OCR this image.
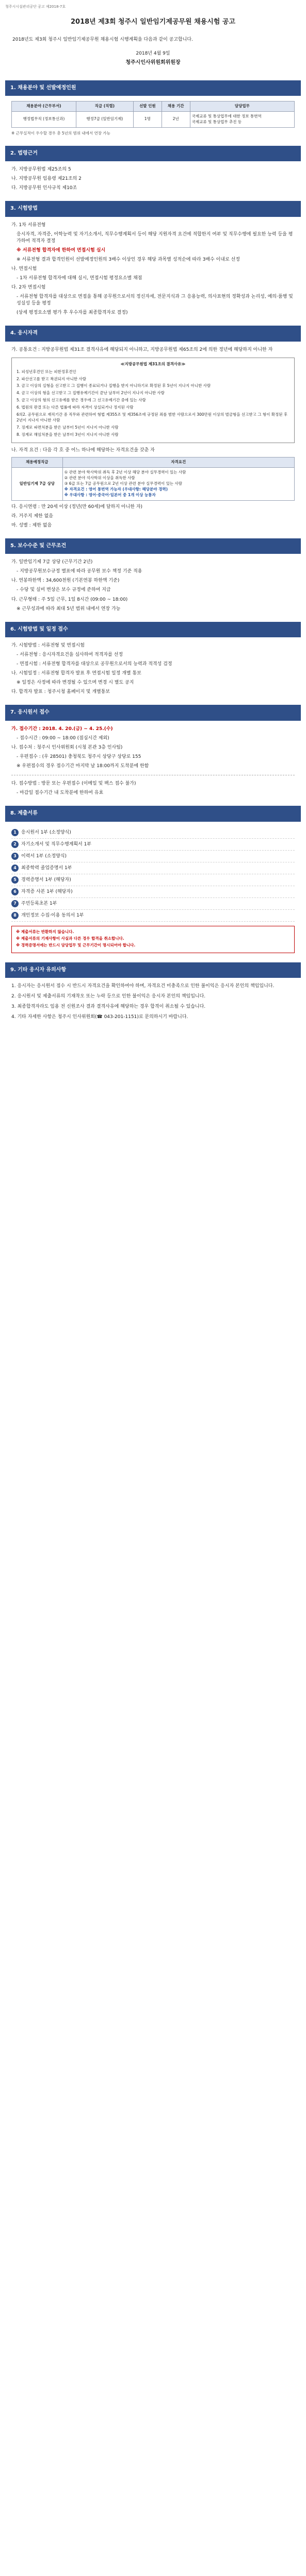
청주시시설관리공단 공고 제2018-7호
2018년 제3회 청주시 일반임기제공무원 채용시험 공고
2018년도 제3회 청주시 일반임기제공무원 채용시험 시행계획을 다음과 같이 공고합니다.
2018년 4월 9일
청주시인사위원회위원장
1. 채용분야 및 선발예정인원
채용분야 (근무부서)	직급 (직렬)	선발 인원	채용 기간	담당업무
행정법무직 (정보통신과)	행정7급 (일반임기제)	1명	2년	국제교류 및 통상업무에 대한 정보 통번역
국제교류 및 통상업무 추진 등
※ 근무실적이 우수할 경우 총 5년의 범위 내에서 연장 가능
2. 법령근거

가. 지방공무원법 제25조의 5

나. 지방공무원 임용령 제21조의 2

다. 지방공무원 인사규칙 제10조

3. 시험방법

가. 1차 서류전형

응시자격, 자격증, 어학능력 및 자기소개서, 직무수행계획서 등이 해당 지원자격 요건에 적합한지 여부 및 직무수행에 필요한 능력 등을 평가하여 적격자 결정

※ 서류전형 합격자에 한하여 면접시험 실시

※ 서류전형 결과 합격인원이 선발예정인원의 3배수 이상인 경우 해당 과목별 성적순에 따라 3배수 이내로 선정

나. 면접시험

- 1차 서류전형 합격자에 대해 실시, 면접시험 평정요소별 채점

다. 2차 면접시험

- 서류전형 합격자를 대상으로 면접을 통해 공무원으로서의 정신자세, 전문지식과 그 응용능력, 의사표현의 정확성과 논리성, 예의·품행 및 성실성 등을 평정

(상세 평정요소별 평가 후 우수자를 최종합격자로 결정)

4. 응시자격

가. 공통요건 : 지방공무원법 제31조 결격사유에 해당되지 아니하고, 지방공무원법 제65조의 2에 의한 정년에 해당하지 아니한 자

≪지방공무원법 제31조의 결격사유≫

1. 피성년후견인 또는 피한정후견인

2. 파산선고를 받고 복권되지 아니한 사람

3. 금고 이상의 실형을 선고받고 그 집행이 종료되거나 집행을 받지 아니하기로 확정된 후 5년이 지나지 아니한 사람

4. 금고 이상의 형을 선고받고 그 집행유예기간이 끝난 날부터 2년이 지나지 아니한 사람

5. 금고 이상의 형의 선고유예를 받은 경우에 그 선고유예기간 중에 있는 사람

6. 법원의 판결 또는 다른 법률에 따라 자격이 상실되거나 정지된 사람

6의2. 공무원으로 재직기간 중 직무와 관련하여 형법 제355조 및 제356조에 규정된 죄를 범한 사람으로서 300만원 이상의 벌금형을 선고받고 그 형이 확정된 후 2년이 지나지 아니한 사람

7. 징계로 파면처분을 받은 날부터 5년이 지나지 아니한 사람

8. 징계로 해임처분을 받은 날부터 3년이 지나지 아니한 사람

나. 자격 요건 : 다음 각 호 중 어느 하나에 해당하는 자격요건을 갖춘 자

채용예정직급	자격요건
일반임기제 7급 상당	① 관련 분야 학사학위 취득 후 2년 이상 해당 분야 실무경력이 있는 사람
② 관련 분야 석사학위 이상을 취득한 사람
③ 6급 또는 7급 공무원으로 2년 이상 관련 분야 실무경력이 있는 사람
※ 자격요건 : 영어 통번역 가능자 (우대사항: 해당분야 경력)
※ 우대사항 : 영어·중국어·일본어 중 1개 이상 능통자

다. 응시연령 : 만 20세 이상 (정년(만 60세)에 달하지 아니한 자)

라. 거주지 제한 없음

마. 성별 : 제한 없음

5. 보수수준 및 근무조건

가. 일반임기제 7급 상당 (근무기간 2년)

- 지방공무원보수규정 별표에 따라 공무원 보수 책정 기준 적용

나. 연봉하한액 : 34,600천원 (기본연봉 하한액 기준)

- 수당 및 실비 변상은 보수 규정에 준하여 지급

다. 근무형태 : 주 5일 근무, 1일 8시간 (09:00 ~ 18:00)

※ 근무성과에 따라 최대 5년 범위 내에서 연장 가능

6. 시험방법 및 일정 접수

가. 시험방법 : 서류전형 및 면접시험

- 서류전형 : 응시자격요건을 심사하여 적격자를 선정

- 면접시험 : 서류전형 합격자를 대상으로 공무원으로서의 능력과 적격성 검정

나. 시험일정 : 서류전형 합격자 발표 후 면접시험 일정 개별 통보

※ 일정은 사정에 따라 변경될 수 있으며 변경 시 별도 공지

다. 합격자 발표 : 청주시청 홈페이지 및 개별통보

7. 응시원서 접수

가. 접수기간 : 2018. 4. 20.(금) ~ 4. 25.(수)

- 접수시간 : 09:00 ~ 18:00 (점심시간 제외)

나. 접수처 : 청주시 인사위원회 (시청 본관 3층 인사팀)

- 우편접수 : (우 28501) 충청북도 청주시 상당구 상당로 155

※ 우편접수의 경우 접수기간 마지막 날 18:00까지 도착분에 한함

다. 접수방법 : 방문 또는 우편접수 (이메일 및 팩스 접수 불가)

- 마감일 접수기간 내 도착분에 한하여 유효

8. 제출서류
1 응시원서 1부 (소정양식)
2 자기소개서 및 직무수행계획서 1부
3 이력서 1부 (소정양식)
4 최종학력 졸업증명서 1부
5 경력증명서 1부 (해당자)
6 자격증 사본 1부 (해당자)
7 주민등록초본 1부
8 개인정보 수집·이용 동의서 1부

※ 제출서류는 반환하지 않습니다.

※ 제출서류의 기재사항이 사실과 다른 경우 합격을 취소합니다.

※ 경력증명서에는 반드시 담당업무 및 근무기간이 명시되어야 합니다.

9. 기타 응시자 유의사항

1. 응시자는 응시원서 접수 시 반드시 자격요건을 확인하여야 하며, 자격요건 미충족으로 인한 불이익은 응시자 본인의 책임입니다.

2. 응시원서 및 제출서류의 기재착오 또는 누락 등으로 인한 불이익은 응시자 본인의 책임입니다.

3. 최종합격자라도 임용 전 신원조사 결과 결격사유에 해당하는 경우 합격이 취소될 수 있습니다.

4. 기타 자세한 사항은 청주시 인사위원회(☎ 043-201-1151)로 문의하시기 바랍니다.
